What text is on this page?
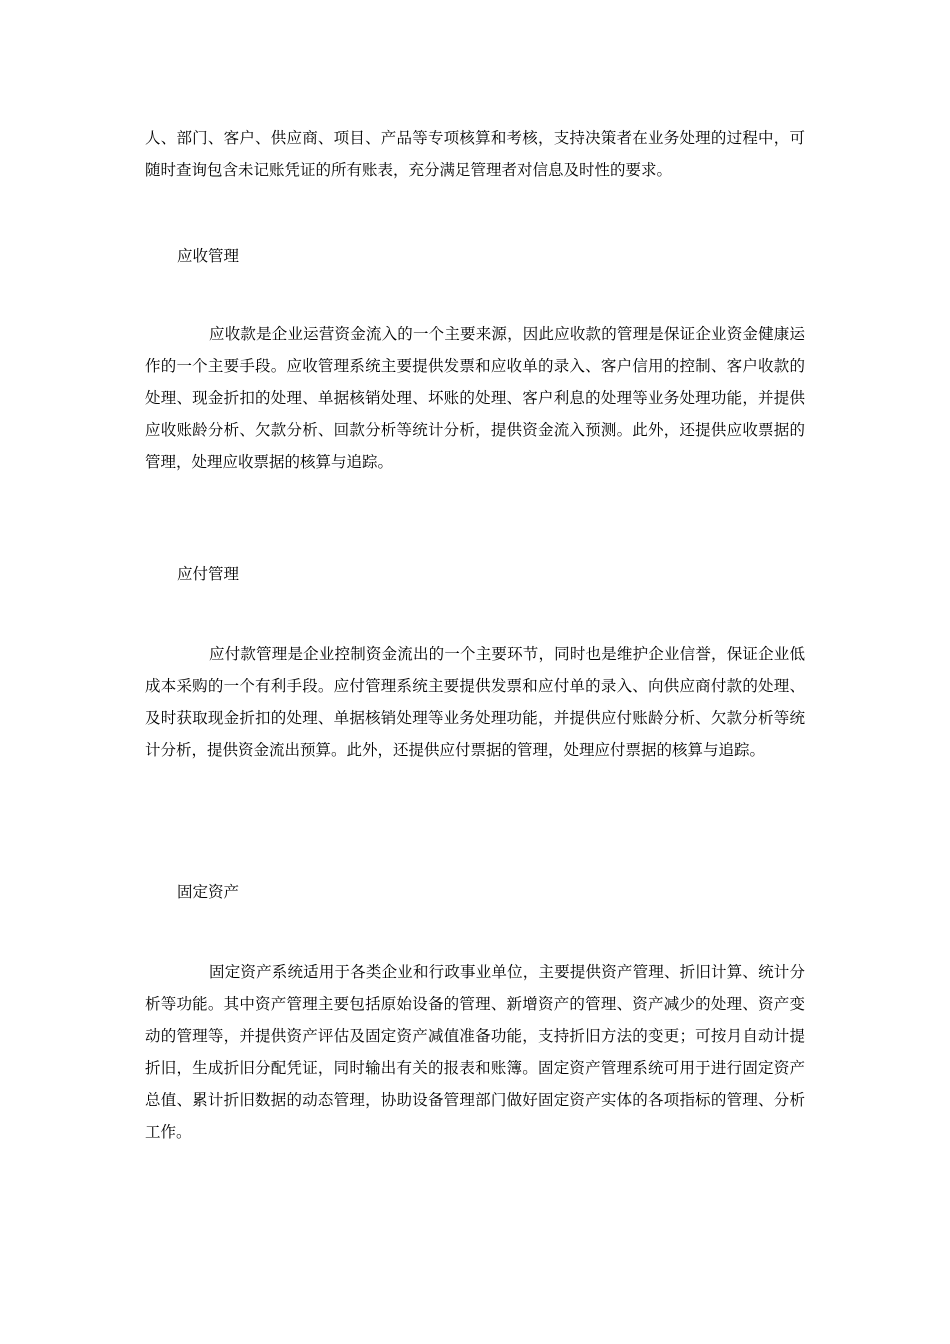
人、部门、客户、供应商、项目、产品等专项核算和考核，支持决策者在业务处理的过程中，可随时查询包含未记账凭证的所有账表，充分满足管理者对信息及时性的要求。

应收管理

应收款是企业运营资金流入的一个主要来源，因此应收款的管理是保证企业资金健康运作的一个主要手段。应收管理系统主要提供发票和应收单的录入、客户信用的控制、客户收款的处理、现金折扣的处理、单据核销处理、坏账的处理、客户利息的处理等业务处理功能，并提供应收账龄分析、欠款分析、回款分析等统计分析，提供资金流入预测。此外，还提供应收票据的管理，处理应收票据的核算与追踪。

应付管理

应付款管理是企业控制资金流出的一个主要环节，同时也是维护企业信誉，保证企业低成本采购的一个有利手段。应付管理系统主要提供发票和应付单的录入、向供应商付款的处理、及时获取现金折扣的处理、单据核销处理等业务处理功能，并提供应付账龄分析、欠款分析等统计分析，提供资金流出预算。此外，还提供应付票据的管理，处理应付票据的核算与追踪。

固定资产

固定资产系统适用于各类企业和行政事业单位，主要提供资产管理、折旧计算、统计分析等功能。其中资产管理主要包括原始设备的管理、新增资产的管理、资产减少的处理、资产变动的管理等，并提供资产评估及固定资产减值准备功能，支持折旧方法的变更；可按月自动计提折旧，生成折旧分配凭证，同时输出有关的报表和账簿。固定资产管理系统可用于进行固定资产总值、累计折旧数据的动态管理，协助设备管理部门做好固定资产实体的各项指标的管理、分析工作。
